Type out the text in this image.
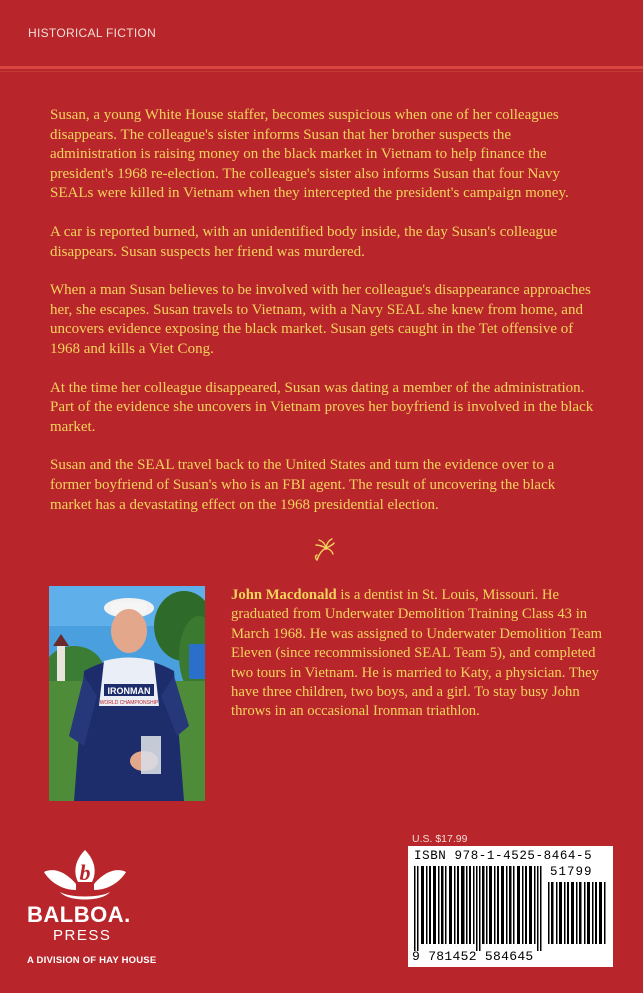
HISTORICAL FICTION

Susan, a young White House staffer, becomes suspicious when one of her colleagues disappears. The colleague's sister informs Susan that her brother suspects the administration is raising money on the black market in Vietnam to help finance the president's 1968 re-election. The colleague's sister also informs Susan that four Navy SEALs were killed in Vietnam when they intercepted the president's campaign money.

A car is reported burned, with an unidentified body inside, the day Susan's colleague disappears. Susan suspects her friend was murdered.

When a man Susan believes to be involved with her colleague's disappearance approaches her, she escapes. Susan travels to Vietnam, with a Navy SEAL she knew from home, and uncovers evidence exposing the black market. Susan gets caught in the Tet offensive of 1968 and kills a Viet Cong.

At the time her colleague disappeared, Susan was dating a member of the administration. Part of the evidence she uncovers in Vietnam proves her boyfriend is involved in the black market.

Susan and the SEAL travel back to the United States and turn the evidence over to a former boyfriend of Susan's who is an FBI agent. The result of uncovering the black market has a devastating effect on the 1968 presidential election.

IRONMAN
WORLD CHAMPIONSHIP
John Macdonald is a dentist in St. Louis, Missouri. He graduated from Underwater Demolition Training Class 43 in March 1968. He was assigned to Underwater Demolition Team Eleven (since recommissioned SEAL Team 5), and completed two tours in Vietnam. He is married to Katy, a physician. They have three children, two boys, and a girl. To stay busy John throws in an occasional Ironman triathlon.
U.S. $17.99
ISBN 978-1-4525-8464-5
51799
9 781452 584645
b
BALBOA.
PRESS
A DIVISION OF HAY HOUSE
